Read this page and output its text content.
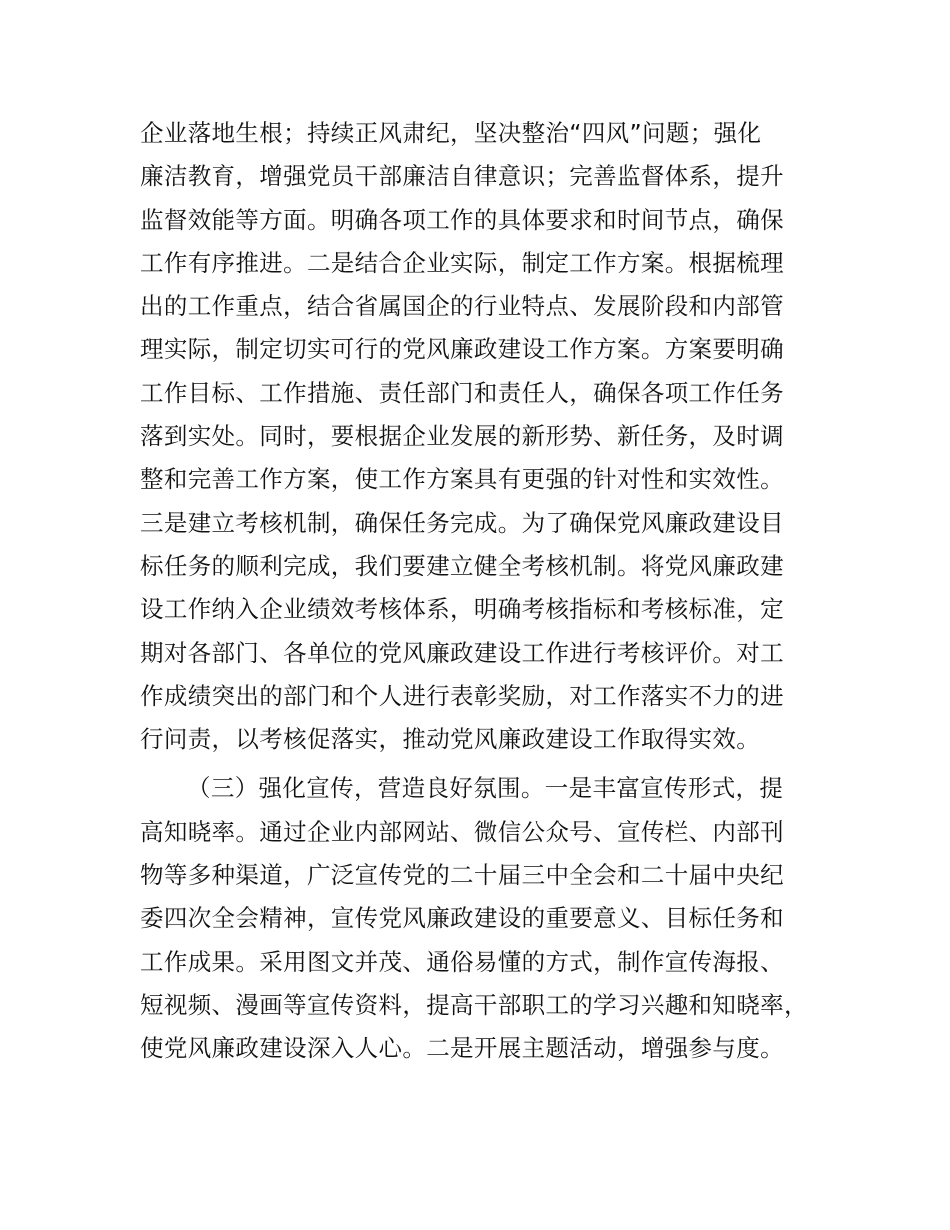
企业落地生根；持续正风肃纪，坚决整治“四风”问题；强化
廉洁教育，增强党员干部廉洁自律意识；完善监督体系，提升
监督效能等方面。明确各项工作的具体要求和时间节点，确保
工作有序推进。二是结合企业实际，制定工作方案。根据梳理
出的工作重点，结合省属国企的行业特点、发展阶段和内部管
理实际，制定切实可行的党风廉政建设工作方案。方案要明确
工作目标、工作措施、责任部门和责任人，确保各项工作任务
落到实处。同时，要根据企业发展的新形势、新任务，及时调
整和完善工作方案，使工作方案具有更强的针对性和实效性。
三是建立考核机制，确保任务完成。为了确保党风廉政建设目
标任务的顺利完成，我们要建立健全考核机制。将党风廉政建
设工作纳入企业绩效考核体系，明确考核指标和考核标准，定
期对各部门、各单位的党风廉政建设工作进行考核评价。对工
作成绩突出的部门和个人进行表彰奖励，对工作落实不力的进
行问责，以考核促落实，推动党风廉政建设工作取得实效。
（三）强化宣传，营造良好氛围。一是丰富宣传形式，提
高知晓率。通过企业内部网站、微信公众号、宣传栏、内部刊
物等多种渠道，广泛宣传党的二十届三中全会和二十届中央纪
委四次全会精神，宣传党风廉政建设的重要意义、目标任务和
工作成果。采用图文并茂、通俗易懂的方式，制作宣传海报、
短视频、漫画等宣传资料，提高干部职工的学习兴趣和知晓率，
使党风廉政建设深入人心。二是开展主题活动，增强参与度。
